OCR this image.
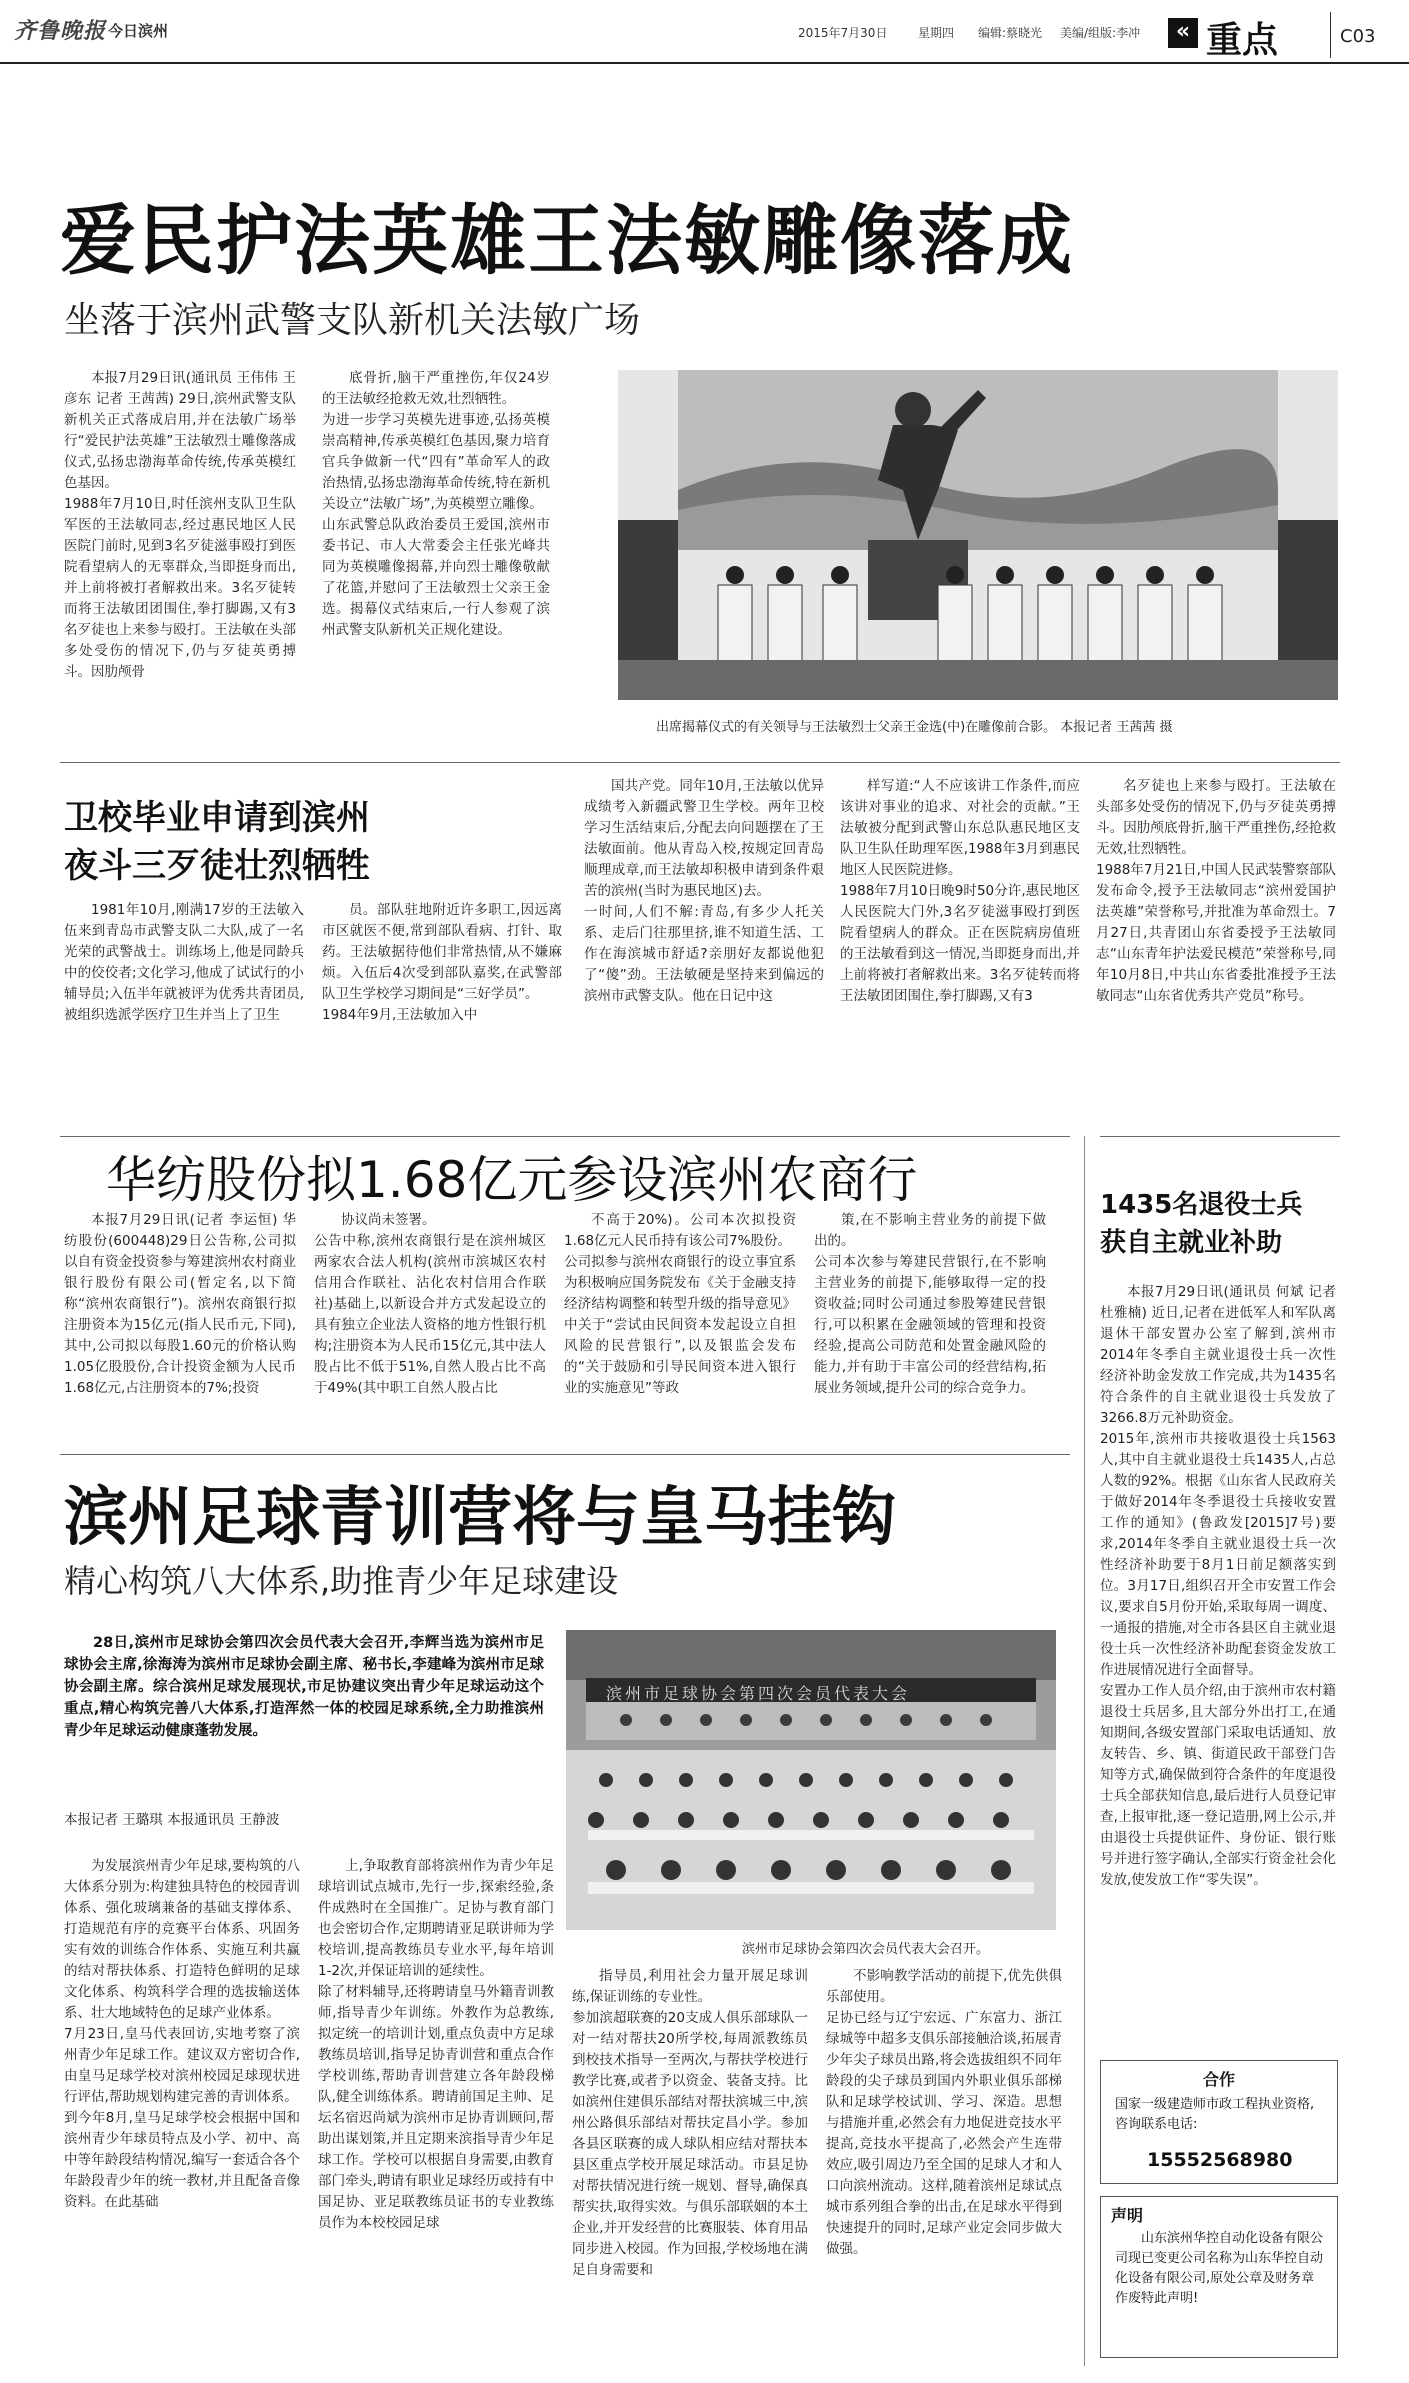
齐鲁晚报 今日滨州	2015年7月30日	星期四 编辑:蔡晓光 美编/组版:李冲	« 重点	C03
爱民护法英雄王法敏雕像落成
坐落于滨州武警支队新机关法敏广场

本报7月29日讯(通讯员 王伟伟 王彦东 记者 王茜茜) 29日,滨州武警支队新机关正式落成启用,并在法敏广场举行“爱民护法英雄”王法敏烈士雕像落成仪式,弘扬忠渤海革命传统,传承英模红色基因。
1988年7月10日,时任滨州支队卫生队军医的王法敏同志,经过惠民地区人民医院门前时,见到3名歹徒滋事殴打到医院看望病人的无辜群众,当即挺身而出,并上前将被打者解救出来。3名歹徒转而将王法敏团团围住,拳打脚踢,又有3名歹徒也上来参与殴打。王法敏在头部多处受伤的情况下,仍与歹徒英勇搏斗。因肋颅骨

底骨折,脑干严重挫伤,年仅24岁的王法敏经抢救无效,壮烈牺牲。
为进一步学习英模先进事迹,弘扬英模崇高精神,传承英模红色基因,聚力培育官兵争做新一代“四有”革命军人的政治热情,弘扬忠渤海革命传统,特在新机关设立“法敏广场”,为英模塑立雕像。
山东武警总队政治委员王爱国,滨州市委书记、市人大常委会主任张光峰共同为英模雕像揭幕,并向烈士雕像敬献了花篮,并慰问了王法敏烈士父亲王金选。揭幕仪式结束后,一行人参观了滨州武警支队新机关正规化建设。

出席揭幕仪式的有关领导与王法敏烈士父亲王金选(中)在雕像前合影。 本报记者 王茜茜 摄
卫校毕业申请到滨州
夜斗三歹徒壮烈牺牲

1981年10月,刚满17岁的王法敏入伍来到青岛市武警支队二大队,成了一名光荣的武警战士。训练场上,他是同龄兵中的佼佼者;文化学习,他成了试试行的小辅导员;入伍半年就被评为优秀共青团员,被组织选派学医疗卫生并当上了卫生

员。部队驻地附近许多职工,因远离市区就医不便,常到部队看病、打针、取药。王法敏据待他们非常热情,从不嫌麻烦。入伍后4次受到部队嘉奖,在武警部队卫生学校学习期间是“三好学员”。
1984年9月,王法敏加入中

国共产党。同年10月,王法敏以优异成绩考入新疆武警卫生学校。两年卫校学习生活结束后,分配去向问题摆在了王法敏面前。他从青岛入校,按规定回青岛顺理成章,而王法敏却积极申请到条件艰苦的滨州(当时为惠民地区)去。
一时间,人们不解:青岛,有多少人托关系、走后门往那里挤,谁不知道生活、工作在海滨城市舒适?亲朋好友都说他犯了“傻”劲。王法敏硬是坚持来到偏远的滨州市武警支队。他在日记中这

样写道:“人不应该讲工作条件,而应该讲对事业的追求、对社会的贡献。”王法敏被分配到武警山东总队惠民地区支队卫生队任助理军医,1988年3月到惠民地区人民医院进修。
1988年7月10日晚9时50分许,惠民地区人民医院大门外,3名歹徒滋事殴打到医院看望病人的群众。正在医院病房值班的王法敏看到这一情况,当即挺身而出,并上前将被打者解救出来。3名歹徒转而将王法敏团团围住,拳打脚踢,又有3

名歹徒也上来参与殴打。王法敏在头部多处受伤的情况下,仍与歹徒英勇搏斗。因肋颅底骨折,脑干严重挫伤,经抢救无效,壮烈牺牲。
1988年7月21日,中国人民武装警察部队发布命令,授予王法敏同志“滨州爱国护法英雄”荣誉称号,并批准为革命烈士。7月27日,共青团山东省委授予王法敏同志“山东青年护法爱民模范”荣誉称号,同年10月8日,中共山东省委批准授予王法敏同志“山东省优秀共产党员”称号。

华纺股份拟1.68亿元参设滨州农商行

本报7月29日讯(记者 李运恒) 华纺股份(600448)29日公告称,公司拟以自有资金投资参与筹建滨州农村商业银行股份有限公司(暂定名,以下简称“滨州农商银行”)。滨州农商银行拟注册资本为15亿元(指人民币元,下同),其中,公司拟以每股1.60元的价格认购1.05亿股股份,合计投资金额为人民币1.68亿元,占注册资本的7%;投资

协议尚未签署。
公告中称,滨州农商银行是在滨州城区两家农合法人机构(滨州市滨城区农村信用合作联社、沾化农村信用合作联社)基础上,以新设合并方式发起设立的具有独立企业法人资格的地方性银行机构;注册资本为人民币15亿元,其中法人股占比不低于51%,自然人股占比不高于49%(其中职工自然人股占比

不高于20%)。公司本次拟投资1.68亿元人民币持有该公司7%股份。
公司拟参与滨州农商银行的设立事宜系为积极响应国务院发布《关于金融支持经济结构调整和转型升级的指导意见》中关于“尝试由民间资本发起设立自担风险的民营银行”,以及银监会发布的“关于鼓励和引导民间资本进入银行业的实施意见”等政

策,在不影响主营业务的前提下做出的。
公司本次参与筹建民营银行,在不影响主营业务的前提下,能够取得一定的投资收益;同时公司通过参股筹建民营银行,可以积累在金融领域的管理和投资经验,提高公司防范和处置金融风险的能力,并有助于丰富公司的经营结构,拓展业务领域,提升公司的综合竞争力。

滨州足球青训营将与皇马挂钩
精心构筑八大体系,助推青少年足球建设

28日,滨州市足球协会第四次会员代表大会召开,李辉当选为滨州市足球协会主席,徐海涛为滨州市足球协会副主席、秘书长,李建峰为滨州市足球协会副主席。综合滨州足球发展现状,市足协建议突出青少年足球运动这个重点,精心构筑完善八大体系,打造浑然一体的校园足球系统,全力助推滨州青少年足球运动健康蓬勃发展。

本报记者 王璐琪 本报通讯员 王静波
滨州市足球协会第四次会员代表大会
滨州市足球协会第四次会员代表大会召开。

为发展滨州青少年足球,要构筑的八大体系分别为:构建独具特色的校园青训体系、强化玻璃兼备的基础支撑体系、打造规范有序的竞赛平台体系、巩固务实有效的训练合作体系、实施互利共赢的结对帮扶体系、打造特色鲜明的足球文化体系、构筑科学合理的选拔输送体系、壮大地域特色的足球产业体系。
7月23日,皇马代表回访,实地考察了滨州青少年足球工作。建议双方密切合作,由皇马足球学校对滨州校园足球现状进行评估,帮助规划构建完善的青训体系。
到今年8月,皇马足球学校会根据中国和滨州青少年球员特点及小学、初中、高中等年龄段结构情况,编写一套适合各个年龄段青少年的统一教材,并且配备音像资料。在此基础

上,争取教育部将滨州作为青少年足球培训试点城市,先行一步,探索经验,条件成熟时在全国推广。足协与教育部门也会密切合作,定期聘请亚足联讲师为学校培训,提高教练员专业水平,每年培训1-2次,并保证培训的延续性。
除了材料辅导,还将聘请皇马外籍青训教师,指导青少年训练。外教作为总教练,拟定统一的培训计划,重点负责中方足球教练员培训,指导足协青训营和重点合作学校训练,帮助青训营建立各年龄段梯队,健全训练体系。聘请前国足主帅、足坛名宿迟尚斌为滨州市足协青训顾问,帮助出谋划策,并且定期来滨指导青少年足球工作。学校可以根据自身需要,由教育部门牵头,聘请有职业足球经历或持有中国足协、亚足联教练员证书的专业教练员作为本校校园足球

指导员,利用社会力量开展足球训练,保证训练的专业性。
参加滨超联赛的20支成人俱乐部球队一对一结对帮扶20所学校,每周派教练员到校技术指导一至两次,与帮扶学校进行教学比赛,或者予以资金、装备支持。比如滨州住建俱乐部结对帮扶滨城三中,滨州公路俱乐部结对帮扶定昌小学。参加各县区联赛的成人球队相应结对帮扶本县区重点学校开展足球活动。市县足协对帮扶情况进行统一规划、督导,确保真帮实扶,取得实效。与俱乐部联姻的本土企业,并开发经营的比赛服装、体育用品同步进入校园。作为回报,学校场地在满足自身需要和

不影响教学活动的前提下,优先供俱乐部使用。
足协已经与辽宁宏远、广东富力、浙江绿城等中超多支俱乐部接触洽谈,拓展青少年尖子球员出路,将会选拔组织不同年龄段的尖子球员到国内外职业俱乐部梯队和足球学校试训、学习、深造。思想与措施并重,必然会有力地促进竞技水平提高,竞技水平提高了,必然会产生连带效应,吸引周边乃至全国的足球人才和人口向滨州流动。这样,随着滨州足球试点城市系列组合拳的出击,在足球水平得到快速提升的同时,足球产业定会同步做大做强。

1435名退役士兵
获自主就业补助

本报7月29日讯(通讯员 何斌 记者 杜雅楠) 近日,记者在进低军人和军队离退休干部安置办公室了解到,滨州市2014年冬季自主就业退役士兵一次性经济补助金发放工作完成,共为1435名符合条件的自主就业退役士兵发放了3266.8万元补助资金。
2015年,滨州市共接收退役士兵1563人,其中自主就业退役士兵1435人,占总人数的92%。根据《山东省人民政府关于做好2014年冬季退役士兵接收安置工作的通知》(鲁政发[2015]7号)要求,2014年冬季自主就业退役士兵一次性经济补助要于8月1日前足额落实到位。3月17日,组织召开全市安置工作会议,要求自5月份开始,采取每周一调度、一通报的措施,对全市各县区自主就业退役士兵一次性经济补助配套资金发放工作进展情况进行全面督导。
安置办工作人员介绍,由于滨州市农村籍退役士兵居多,且大部分外出打工,在通知期间,各级安置部门采取电话通知、放友转告、乡、镇、街道民政干部登门告知等方式,确保做到符合条件的年度退役士兵全部获知信息,最后进行人员登记审查,上报审批,逐一登记造册,网上公示,并由退役士兵提供证件、身份证、银行账号并进行签字确认,全部实行资金社会化发放,使发放工作“零失误”。

合作
国家一级建造师市政工程执业资格,咨询联系电话:
15552568980
声明
山东滨州华控自动化设备有限公司现已变更公司名称为山东华控自动化设备有限公司,原处公章及财务章作废特此声明!
